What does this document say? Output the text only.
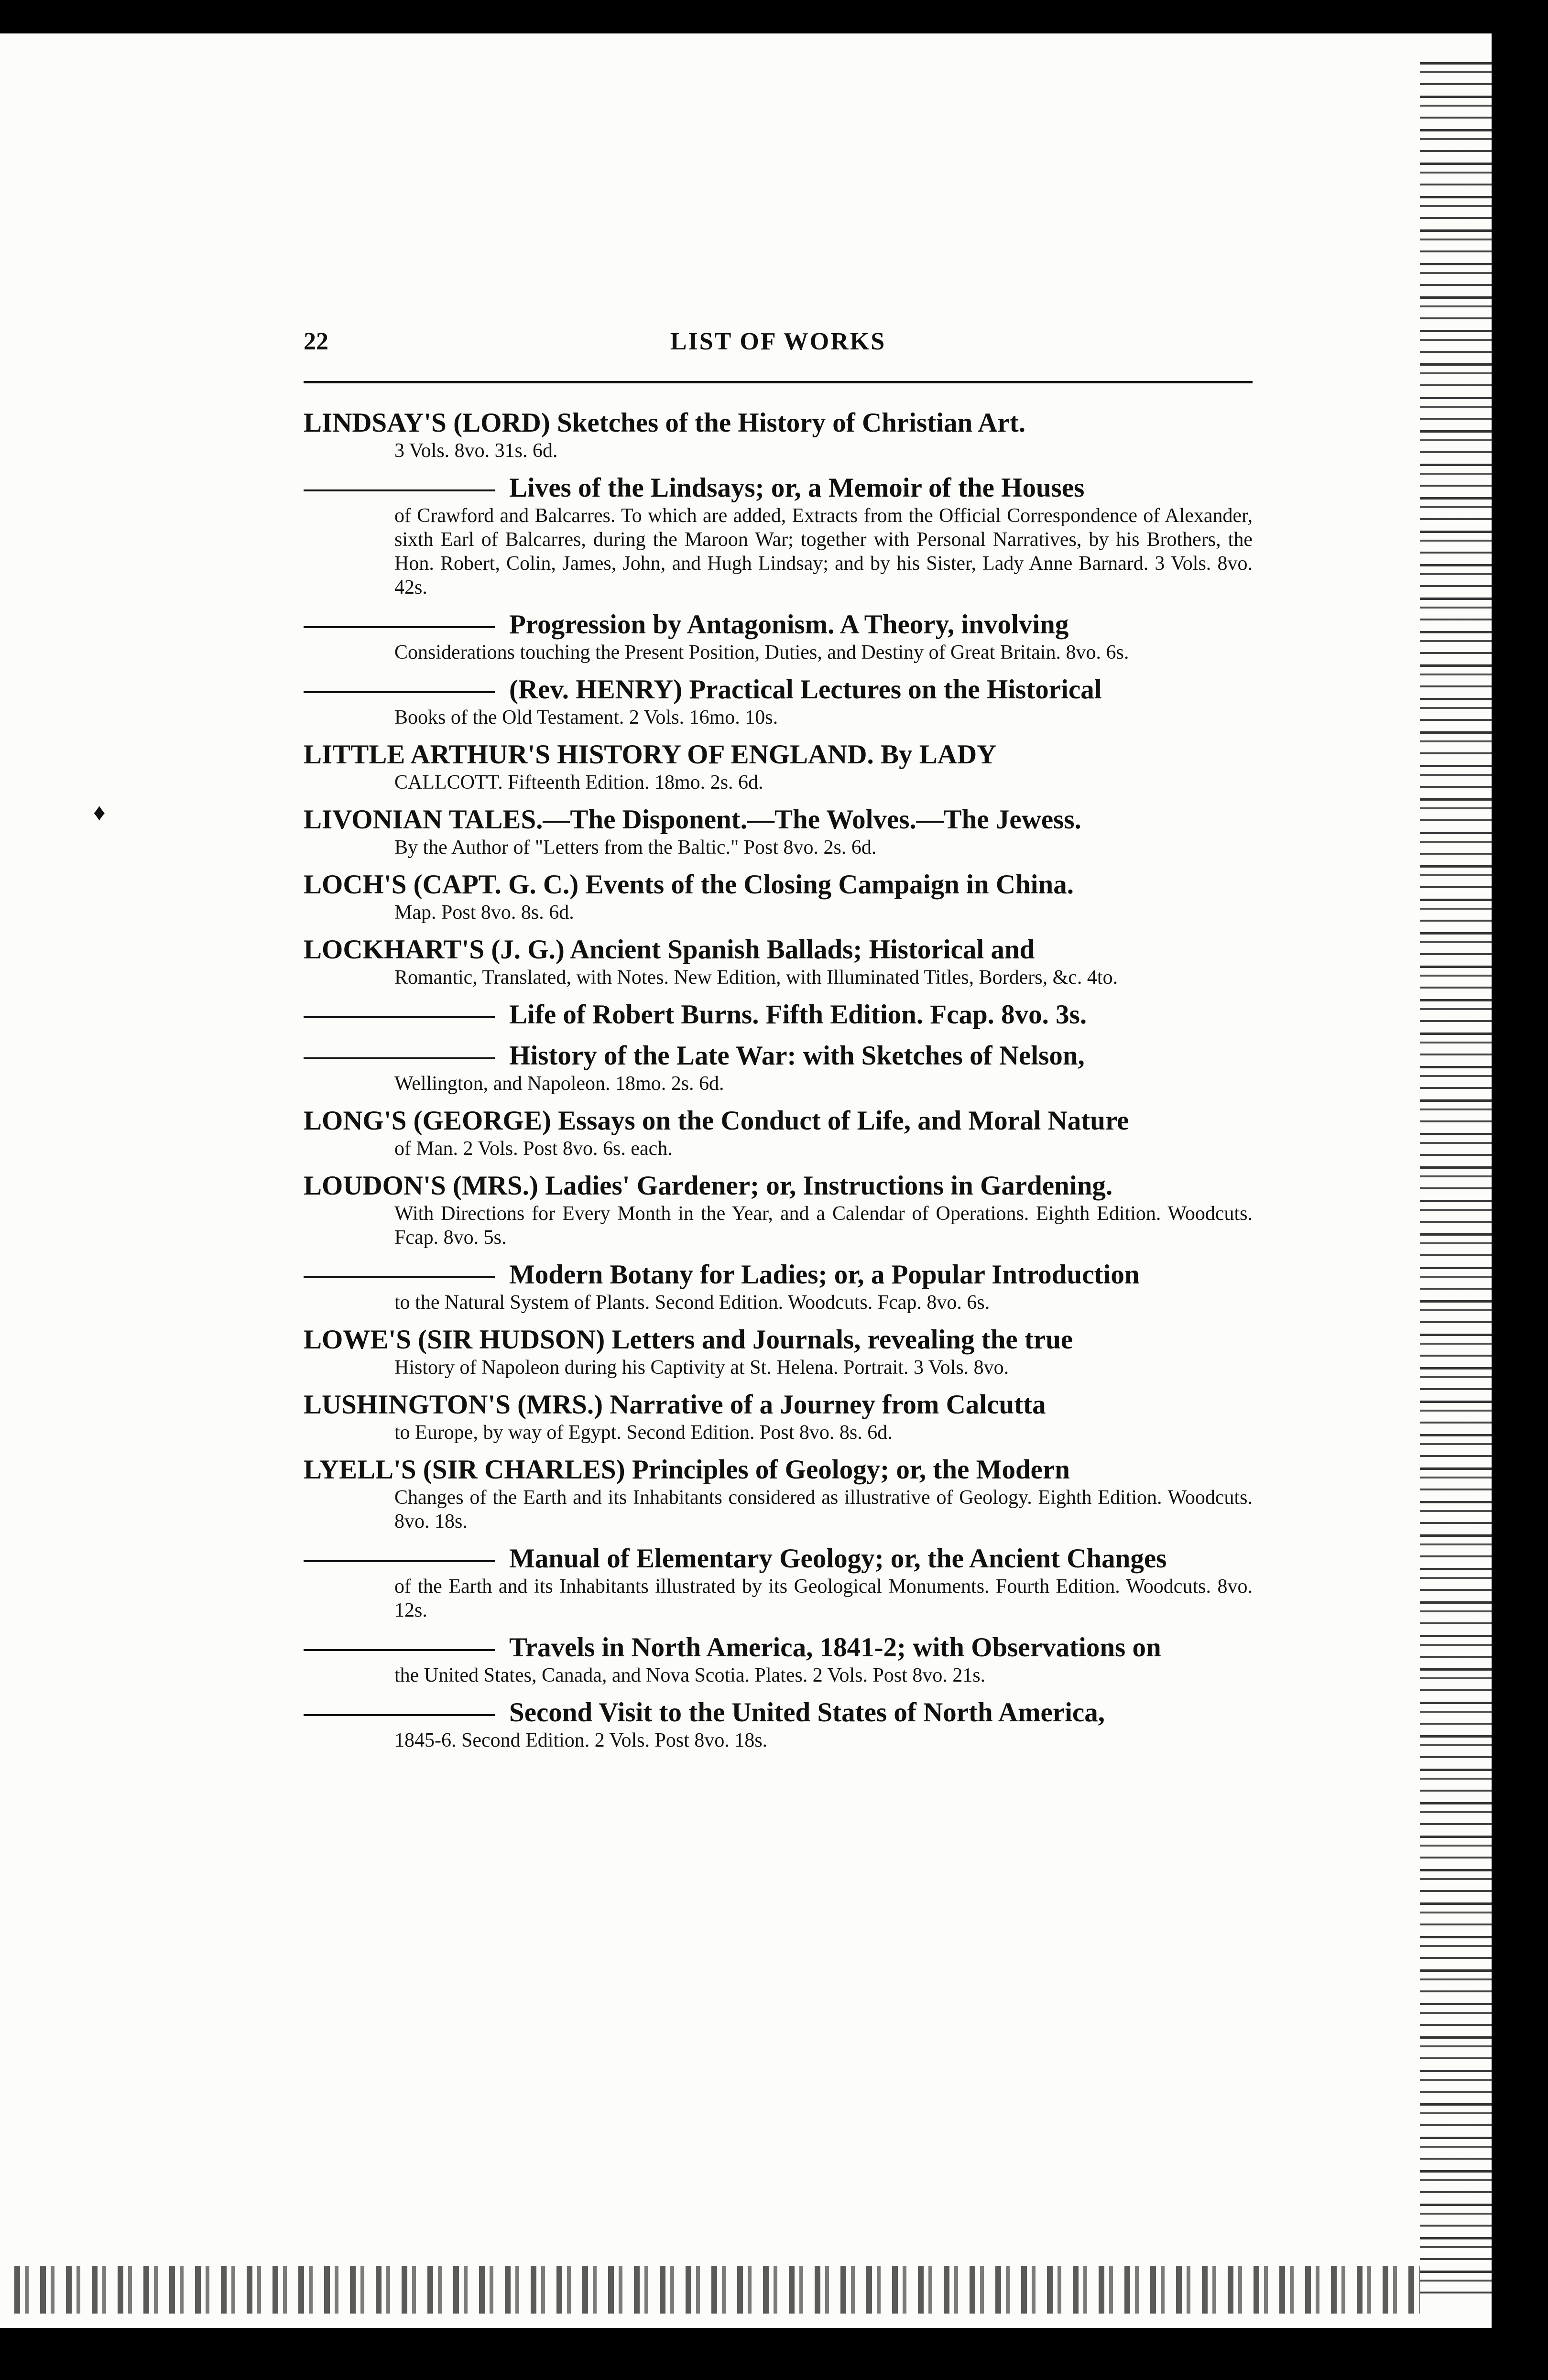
♦
22	LIST OF WORKS
LINDSAY'S (LORD) Sketches of the History of Christian Art.
3 Vols. 8vo. 31s. 6d.
Lives of the Lindsays; or, a Memoir of the Houses
of Crawford and Balcarres. To which are added, Extracts from the Official Correspondence of Alexander, sixth Earl of Balcarres, during the Maroon War; together with Personal Narratives, by his Brothers, the Hon. Robert, Colin, James, John, and Hugh Lindsay; and by his Sister, Lady Anne Barnard. 3 Vols. 8vo. 42s.
Progression by Antagonism. A Theory, involving
Considerations touching the Present Position, Duties, and Destiny of Great Britain. 8vo. 6s.
(Rev. HENRY) Practical Lectures on the Historical
Books of the Old Testament. 2 Vols. 16mo. 10s.
LITTLE ARTHUR'S HISTORY OF ENGLAND. By LADY
CALLCOTT. Fifteenth Edition. 18mo. 2s. 6d.
LIVONIAN TALES.—The Disponent.—The Wolves.—The Jewess.
By the Author of "Letters from the Baltic." Post 8vo. 2s. 6d.
LOCH'S (CAPT. G. C.) Events of the Closing Campaign in China.
Map. Post 8vo. 8s. 6d.
LOCKHART'S (J. G.) Ancient Spanish Ballads; Historical and
Romantic, Translated, with Notes. New Edition, with Illuminated Titles, Borders, &c. 4to.
Life of Robert Burns. Fifth Edition. Fcap. 8vo. 3s.
History of the Late War: with Sketches of Nelson,
Wellington, and Napoleon. 18mo. 2s. 6d.
LONG'S (GEORGE) Essays on the Conduct of Life, and Moral Nature
of Man. 2 Vols. Post 8vo. 6s. each.
LOUDON'S (MRS.) Ladies' Gardener; or, Instructions in Gardening.
With Directions for Every Month in the Year, and a Calendar of Operations. Eighth Edition. Woodcuts. Fcap. 8vo. 5s.
Modern Botany for Ladies; or, a Popular Introduction
to the Natural System of Plants. Second Edition. Woodcuts. Fcap. 8vo. 6s.
LOWE'S (SIR HUDSON) Letters and Journals, revealing the true
History of Napoleon during his Captivity at St. Helena. Portrait. 3 Vols. 8vo.
LUSHINGTON'S (MRS.) Narrative of a Journey from Calcutta
to Europe, by way of Egypt. Second Edition. Post 8vo. 8s. 6d.
LYELL'S (SIR CHARLES) Principles of Geology; or, the Modern
Changes of the Earth and its Inhabitants considered as illustrative of Geology. Eighth Edition. Woodcuts. 8vo. 18s.
Manual of Elementary Geology; or, the Ancient Changes
of the Earth and its Inhabitants illustrated by its Geological Monuments. Fourth Edition. Woodcuts. 8vo. 12s.
Travels in North America, 1841-2; with Observations on
the United States, Canada, and Nova Scotia. Plates. 2 Vols. Post 8vo. 21s.
Second Visit to the United States of North America,
1845-6. Second Edition. 2 Vols. Post 8vo. 18s.
